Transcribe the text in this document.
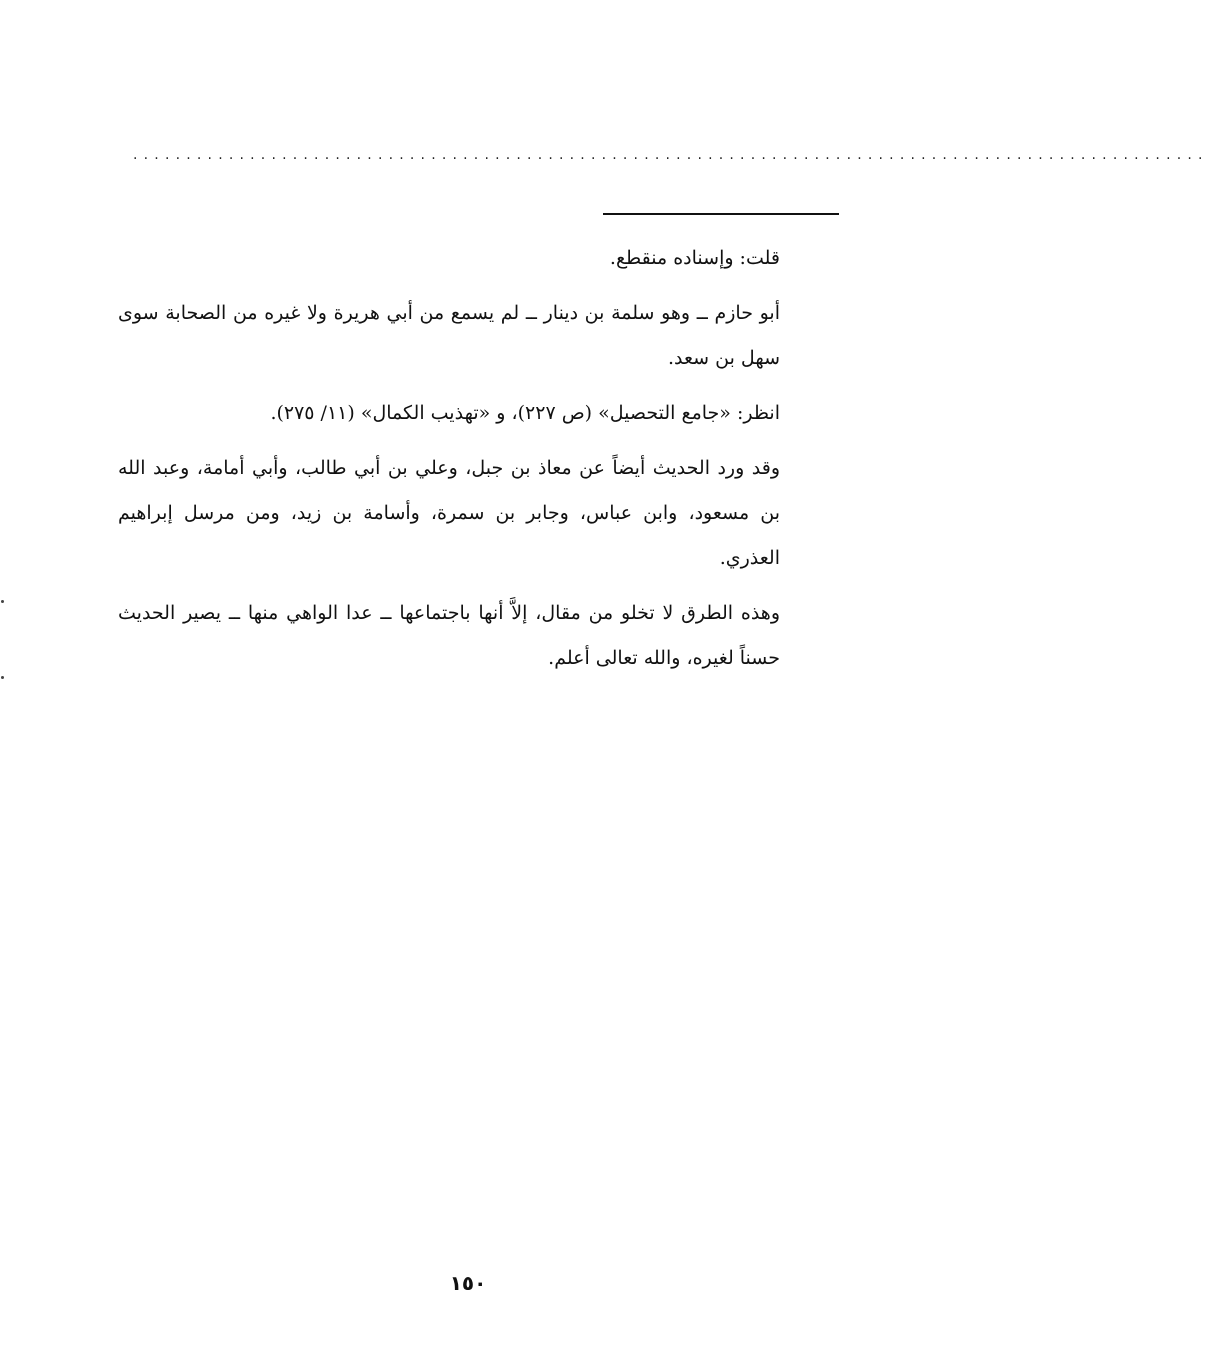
.....................................................................................................

قلت: وإسناده منقطع.

أبو حازم ــ وهو سلمة بن دينار ــ لم يسمع من أبي هريرة ولا غيره من الصحابة سوى سهل بن سعد.

انظر: «جامع التحصيل» (ص ٢٢٧)، و «تهذيب الكمال» (١١/ ٢٧٥).

وقد ورد الحديث أيضاً عن معاذ بن جبل، وعلي بن أبي طالب، وأبي أمامة، وعبد الله بن مسعود، وابن عباس، وجابر بن سمرة، وأسامة بن زيد، ومن مرسل إبراهيم العذري.

وهذه الطرق لا تخلو من مقال، إلاَّ أنها باجتماعها ــ عدا الواهي منها ــ يصير الحديث حسناً لغيره، والله تعالى أعلم.

١٥٠
